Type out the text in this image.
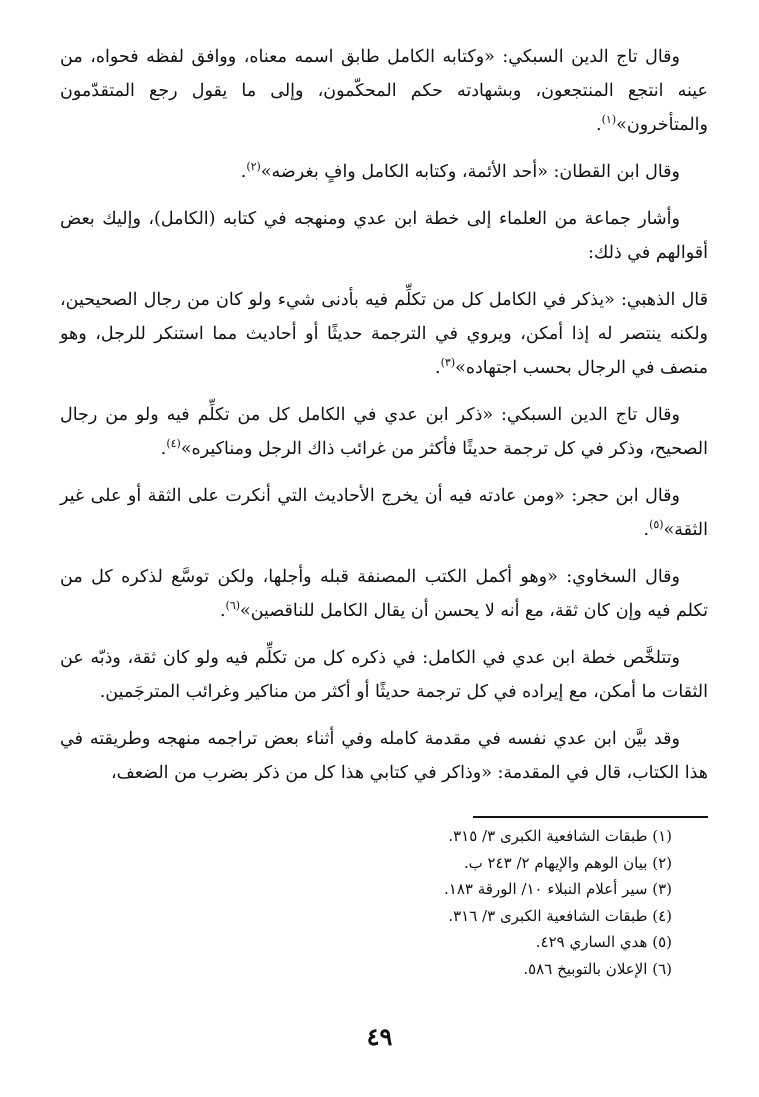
وقال تاج الدين السبكي: «وكتابه الكامل طابق اسمه معناه، ووافق لفظه فحواه، من عينه انتجع المنتجعون، وبشهادته حكم المحكّمون، وإلى ما يقول رجع المتقدّمون والمتأخرون»$^{(١)}$.

وقال ابن القطان: «أحد الأئمة، وكتابه الكامل وافٍ بغرضه»$^{(٢)}$.

وأشار جماعة من العلماء إلى خطة ابن عدي ومنهجه في كتابه (الكامل)، وإليك بعض أقوالهم في ذلك:

قال الذهبي: «يذكر في الكامل كل من تكلِّم فيه بأدنى شيء ولو كان من رجال الصحيحين، ولكنه ينتصر له إذا أمكن، ويروي في الترجمة حديثًا أو أحاديث مما استنكر للرجل، وهو منصف في الرجال بحسب اجتهاده»$^{(٣)}$.

وقال تاج الدين السبكي: «ذكر ابن عدي في الكامل كل من تكلِّم فيه ولو من رجال الصحيح، وذكر في كل ترجمة حديثًا فأكثر من غرائب ذاك الرجل ومناكيره»$^{(٤)}$.

وقال ابن حجر: «ومن عادته فيه أن يخرج الأحاديث التي أنكرت على الثقة أو على غير الثقة»$^{(٥)}$.

وقال السخاوي: «وهو أكمل الكتب المصنفة قبله وأجلها، ولكن توسَّع لذكره كل من تكلم فيه وإن كان ثقة، مع أنه لا يحسن أن يقال الكامل للناقصين»$^{(٦)}$.

وتتلخَّص خطة ابن عدي في الكامل: في ذكره كل من تكلِّم فيه ولو كان ثقة، وذبّه عن الثقات ما أمكن، مع إيراده في كل ترجمة حديثًا أو أكثر من مناكير وغرائب المترجَمين.

وقد بيَّن ابن عدي نفسه في مقدمة كامله وفي أثناء بعض تراجمه منهجه وطريقته في هذا الكتاب، قال في المقدمة: «وذاكر في كتابي هذا كل من ذكر بضرب من الضعف،

(١) طبقات الشافعية الكبرى ٣/ ٣١٥.
(٢) بيان الوهم والإيهام ٢/ ٢٤٣ ب.
(٣) سير أعلام النبلاء ١٠/ الورقة ١٨٣.
(٤) طبقات الشافعية الكبرى ٣/ ٣١٦.
(٥) هدي الساري ٤٢٩.
(٦) الإعلان بالتوبيخ ٥٨٦.
٤٩
